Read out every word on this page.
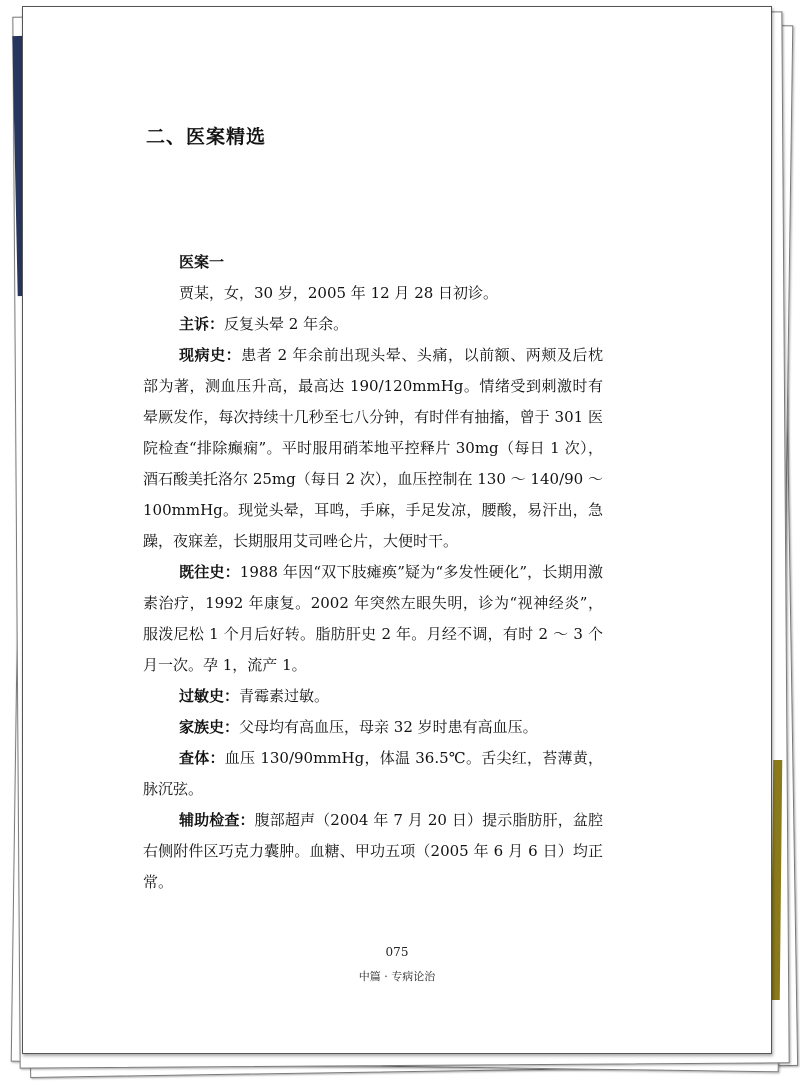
二、医案精选

医案一

贾某，女，30 岁，2005 年 12 月 28 日初诊。

主诉：反复头晕 2 年余。

现病史：患者 2 年余前出现头晕、头痛，以前额、两颊及后枕部为著，测血压升高，最高达 190/120mmHg。情绪受到刺激时有晕厥发作，每次持续十几秒至七八分钟，有时伴有抽搐，曾于 301 医院检查“排除癫痫”。平时服用硝苯地平控释片 30mg（每日 1 次），酒石酸美托洛尔 25mg（每日 2 次），血压控制在 130 ～ 140/90 ～ 100mmHg。现觉头晕，耳鸣，手麻，手足发凉，腰酸，易汗出，急躁，夜寐差，长期服用艾司唑仑片，大便时干。

既往史：1988 年因“双下肢瘫痪”疑为“多发性硬化”，长期用激素治疗，1992 年康复。2002 年突然左眼失明，诊为“视神经炎”，服泼尼松 1 个月后好转。脂肪肝史 2 年。月经不调，有时 2 ～ 3 个月一次。孕 1，流产 1。

过敏史：青霉素过敏。

家族史：父母均有高血压，母亲 32 岁时患有高血压。

查体：血压 130/90mmHg，体温 36.5℃。舌尖红，苔薄黄，脉沉弦。

辅助检查：腹部超声（2004 年 7 月 20 日）提示脂肪肝，盆腔右侧附件区巧克力囊肿。血糖、甲功五项（2005 年 6 月 6 日）均正常。

075
中篇 · 专病论治
